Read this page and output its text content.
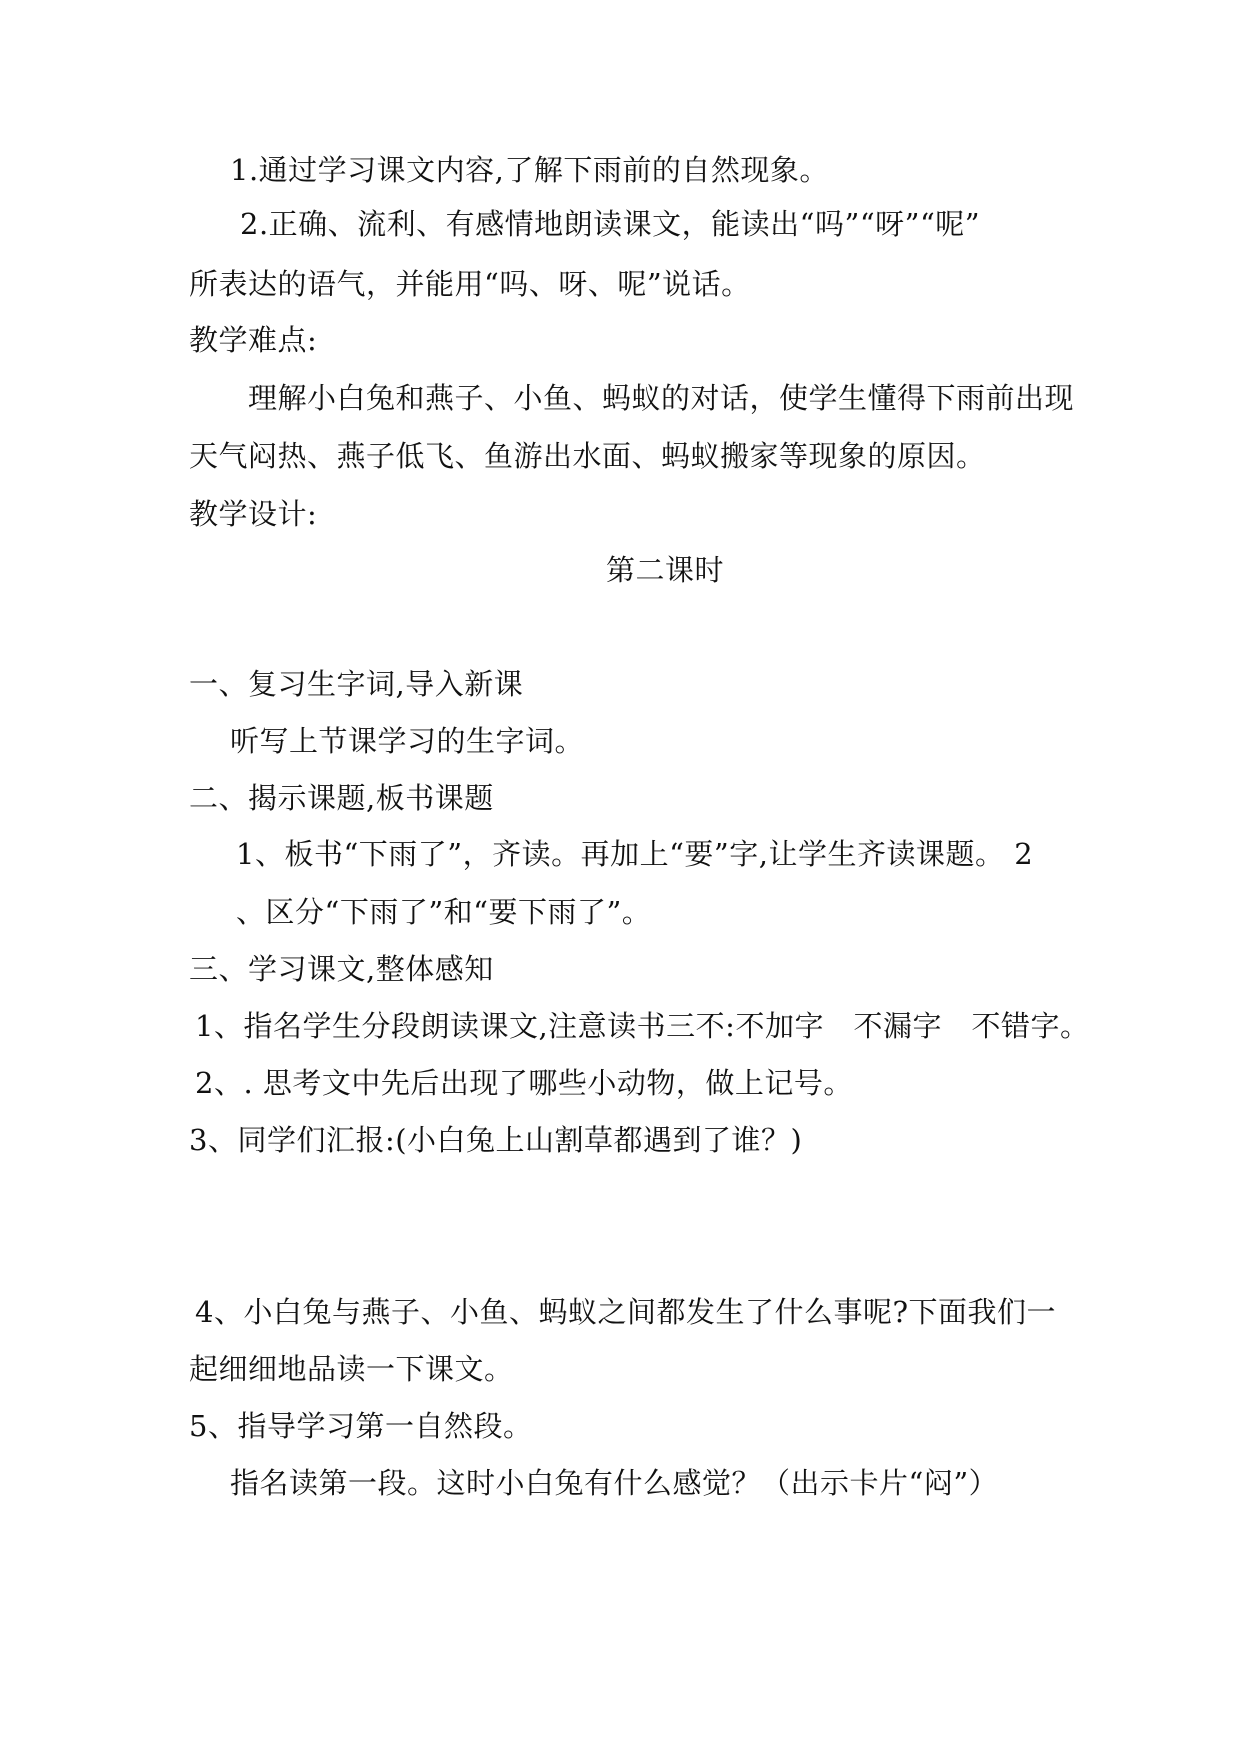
1.通过学习课文内容,了解下雨前的自然现象。
2.正确、流利、有感情地朗读课文，能读出“吗”“呀”“呢”
所表达的语气，并能用“吗、呀、呢”说话。
教学难点:
理解小白兔和燕子、小鱼、蚂蚁的对话，使学生懂得下雨前出现
天气闷热、燕子低飞、鱼游出水面、蚂蚁搬家等现象的原因。
教学设计:
第二课时
一、复习生字词,导入新课
听写上节课学习的生字词。
二、揭示课题,板书课题
1、板书“下雨了”，齐读。再加上“要”字,让学生齐读课题。 2
、区分“下雨了”和“要下雨了”。
三、学习课文,整体感知
1、指名学生分段朗读课文,注意读书三不:不加字　不漏字　不错字。
2、. 思考文中先后出现了哪些小动物，做上记号。
3、同学们汇报:(小白兔上山割草都遇到了谁？)
4、小白兔与燕子、小鱼、蚂蚁之间都发生了什么事呢?下面我们一
起细细地品读一下课文。
5、指导学习第一自然段。
指名读第一段。这时小白兔有什么感觉？（出示卡片“闷”）
